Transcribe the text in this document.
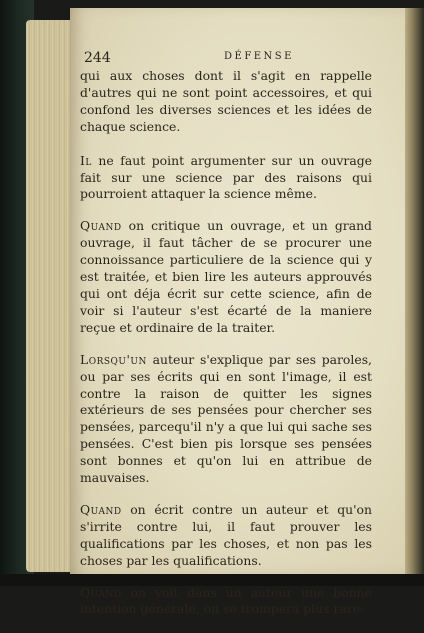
244	DÉFENSE

qui aux choses dont il s'agit en rappelle d'autres qui ne sont point accessoires, et qui confond les diverses sciences et les idées de chaque science.

Il ne faut point argumenter sur un ouvrage fait sur une science par des raisons qui pourroient attaquer la science même.

Quand on critique un ouvrage, et un grand ouvrage, il faut tâcher de se procurer une connoissance particuliere de la science qui y est traitée, et bien lire les auteurs approuvés qui ont déja écrit sur cette science, afin de voir si l'auteur s'est écarté de la maniere reçue et ordinaire de la traiter.

Lorsqu'un auteur s'explique par ses paroles, ou par ses écrits qui en sont l'image, il est contre la raison de quitter les signes extérieurs de ses pensées pour chercher ses pensées, parcequ'il n'y a que lui qui sache ses pensées. C'est bien pis lorsque ses pensées sont bonnes et qu'on lui en attribue de mauvaises.

Quand on écrit contre un auteur et qu'on s'irrite contre lui, il faut prouver les qualifications par les choses, et non pas les choses par les qualifications.

Quand on voit dans un auteur une bonne intention générale, on se trompera plus rare-
